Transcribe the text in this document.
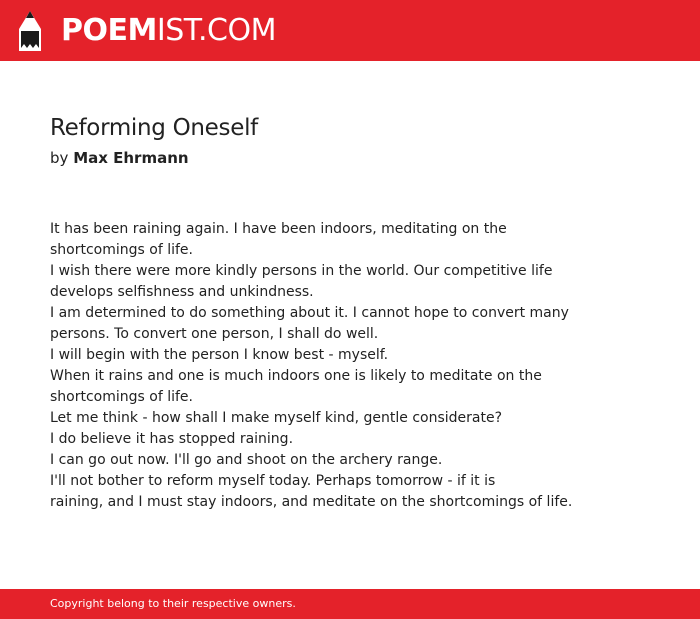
POEMIST.COM
Reforming Oneself
by Max Ehrmann
It has been raining again. I have been indoors, meditating on the
shortcomings of life.
I wish there were more kindly persons in the world. Our competitive life
develops selfishness and unkindness.
I am determined to do something about it. I cannot hope to convert many
persons. To convert one person, I shall do well.
I will begin with the person I know best - myself.
When it rains and one is much indoors one is likely to meditate on the
shortcomings of life.
Let me think - how shall I make myself kind, gentle considerate?
I do believe it has stopped raining.
I can go out now. I'll go and shoot on the archery range.
I'll not bother to reform myself today. Perhaps tomorrow - if it is
raining, and I must stay indoors, and meditate on the shortcomings of life.
Copyright belong to their respective owners.
